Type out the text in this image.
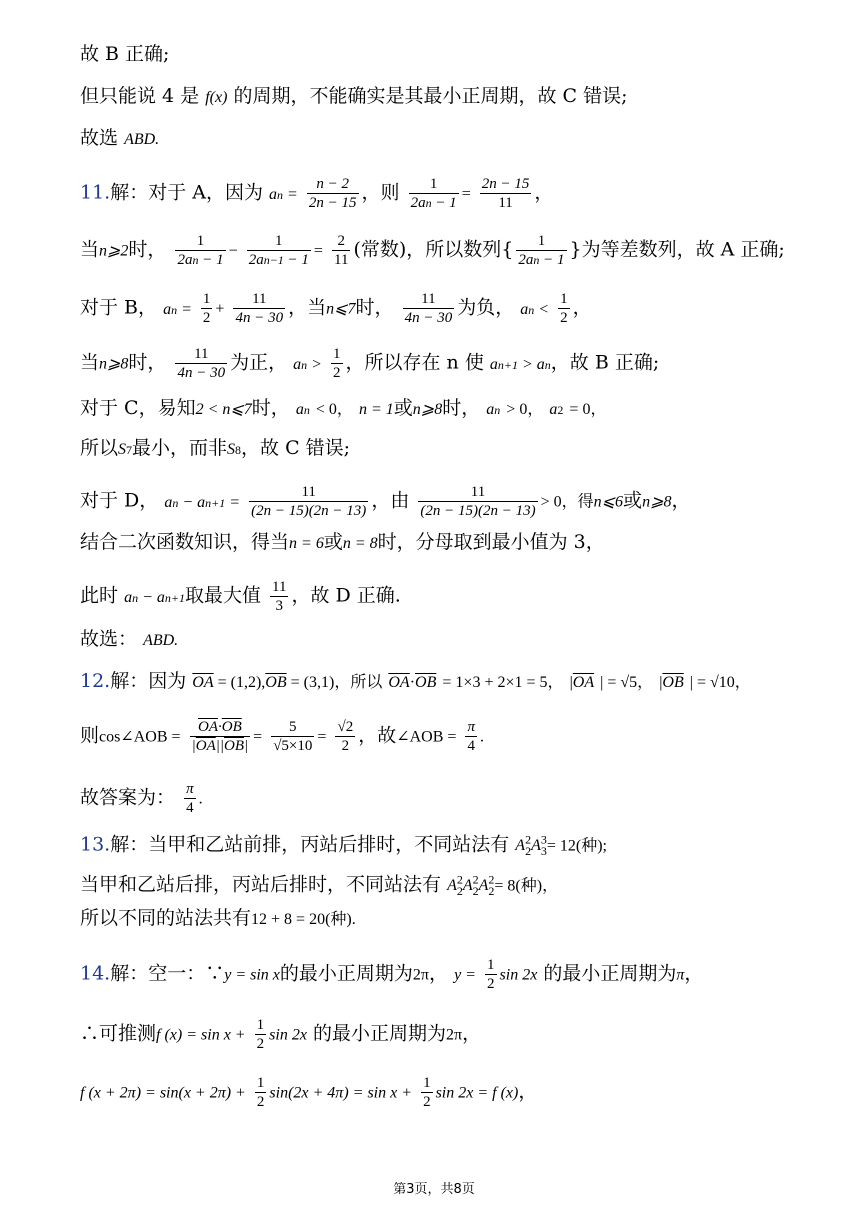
故 B 正确;
但只能说 4 是 f(x) 的周期，不能确实是其最小正周期，故 C 错误;
故选 ABD.
11.解：对于 A，因为 an = $\frac{n - 2}{2n - 15}$ ，则 $\frac{1}{2an - 1} = \frac{2n - 15}{11}$ ，
当n⩾2时， $\frac{1}{2an - 1} - \frac{1}{2an-1 - 1} = \frac{2}{11}$ (常数)，所以数列{ $\frac{1}{2an - 1}$ }为等差数列，故 A 正确;
对于 B， an = $\frac{1}{2} + \frac{11}{4n - 30}$ ，当n⩽7时， $\frac{11}{4n - 30}$ 为负， an < $\frac{1}{2}$ ，
当n⩾8时， $\frac{11}{4n - 30}$ 为正， an > $\frac{1}{2}$ ，所以存在 n 使 an+1 > an，故 B 正确;
对于 C，易知2 < n⩽7时， an < 0， n = 1或n⩾8时， an > 0， a2 = 0，
所以S7最小，而非S8，故 C 错误;
对于 D， an − $an+1 = \frac{11}{(2n - 15)(2n - 13)}$ ，由 $\frac{11}{(2n - 15)(2n - 13)} > 0$，得n⩽6或n⩾8，
结合二次函数知识，得当n = 6或n = 8时，分母取到最小值为 3，
此时 an − an+1取最大值 $\frac{11}{3}$ ，故 D 正确.
故选： ABD.
12.解：因为 $\overline{OA} = (1,2),\overline{OB} = (3,1)$，所以 $\overline{OA}\cdot\overline{OB} = 1\times 3 + 2\times 1 = 5$， $|\overline{OA}$ | = √5， $|\overline{OB}$ | = √10，
则cos∠AOB = $\frac{\overline{OA}\cdot\overline{OB}}{|\overline{OA}||\overline{OB}|} = \frac{5}{√5\times 10} = \frac{√2}{2}$ ，故∠AOB = $\frac{\pi}{4}$ .
故答案为： $\frac{\pi}{4}$ .
13.解：当甲和乙站前排，丙站后排时，不同站法有 $A^2_2A^3_3= 12$(种);
当甲和乙站后排，丙站后排时，不同站法有 $A^2_2A^2_2A^2_2= 8$(种)，
所以不同的站法共有12 + 8 = 20(种).
14.解：空一：∵y = sin x的最小正周期为2π， $y = \frac{1}{2}$ sin 2x 的最小正周期为π，
∴可推测f $(x) = \sin x + \frac{1}{2}$ sin 2x 的最小正周期为2π，
f $(x + 2\pi) = \sin(x + 2\pi) + \frac{1}{2} \sin(2x + 4\pi) = \sin x + \frac{1}{2}$ sin 2x = f (x)，
第3页，共8页
